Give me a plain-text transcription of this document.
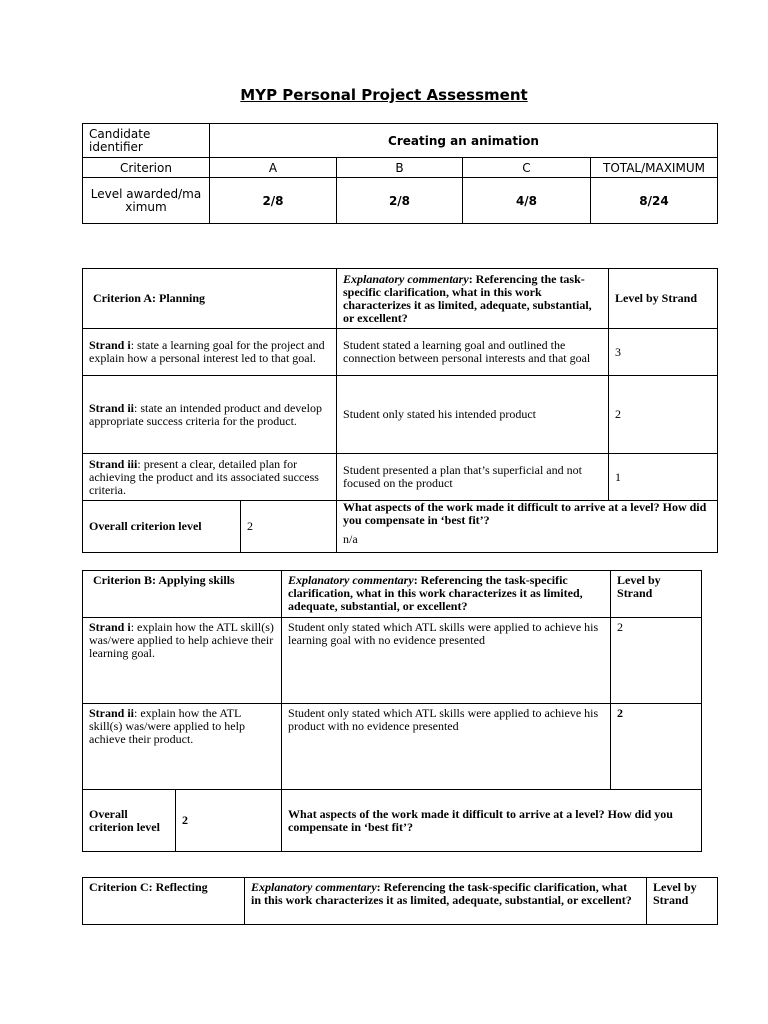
MYP Personal Project Assessment
Candidate identifier	Creating an animation			
Criterion	A	B	C	TOTAL/MAXIMUM
Level awarded/maximum	2/8	2/8	4/8	8/24
Criterion A: Planning		Explanatory commentary: Referencing the task-specific clarification, what in this work characterizes it as limited, adequate, substantial, or excellent?	Level by Strand
Strand i: state a learning goal for the project and explain how a personal interest led to that goal.		Student stated a learning goal and outlined the connection between personal interests and that goal	3
Strand ii: state an intended product and develop appropriate success criteria for the product.		Student only stated his intended product	2
Strand iii: present a clear, detailed plan for achieving the product and its associated success criteria.		Student presented a plan that’s superficial and not focused on the product	1
Overall criterion level	2	What aspects of the work made it difficult to arrive at a level? How did you compensate in ‘best fit’?
n/a	
Criterion B: Applying skills		Explanatory commentary: Referencing the task-specific clarification, what in this work characterizes it as limited, adequate, substantial, or excellent?	Level by Strand
Strand i: explain how the ATL skill(s) was/were applied to help achieve their learning goal.		Student only stated which ATL skills were applied to achieve his learning goal with no evidence presented	2
Strand ii: explain how the ATL skill(s) was/were applied to help achieve their product.		Student only stated which ATL skills were applied to achieve his product with no evidence presented	2
Overall criterion level	2	What aspects of the work made it difficult to arrive at a level? How did you compensate in ‘best fit’?	
Criterion C: Reflecting	Explanatory commentary: Referencing the task-specific clarification, what in this work characterizes it as limited, adequate, substantial, or excellent?	Level by Strand
